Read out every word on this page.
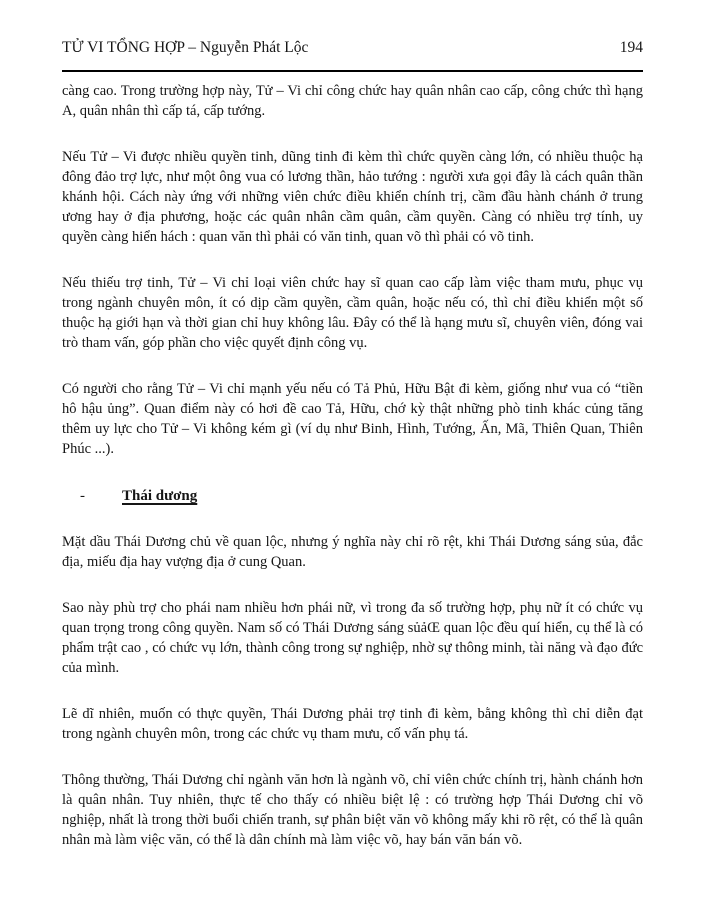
TỬ VI TỔNG HỢP – Nguyễn Phát Lộc	194

càng cao. Trong trường hợp này, Tử – Vi chỉ công chức hay quân nhân cao cấp, công chức thì hạng A, quân nhân thì cấp tá, cấp tướng.

Nếu Tử – Vi được nhiều quyền tinh, dũng tinh đi kèm thì chức quyền càng lớn, có nhiều thuộc hạ đông đảo trợ lực, như một ông vua có lương thần, hảo tướng : người xưa gọi đây là cách quân thần khánh hội. Cách này ứng với những viên chức điều khiển chính trị, cầm đầu hành chánh ở trung ương hay ở địa phương, hoặc các quân nhân cầm quân, cầm quyền. Càng có nhiều trợ tính, uy quyền càng hiển hách : quan văn thì phải có văn tinh, quan võ thì phải có võ tinh.

Nếu thiếu trợ tinh, Tử – Vi chỉ loại viên chức hay sĩ quan cao cấp làm việc tham mưu, phục vụ trong ngành chuyên môn, ít có dịp cầm quyền, cầm quân, hoặc nếu có, thì chỉ điều khiển một số thuộc hạ giới hạn và thời gian chỉ huy không lâu. Đây có thể là hạng mưu sĩ, chuyên viên, đóng vai trò tham vấn, góp phần cho việc quyết định công vụ.

Có người cho rằng Tử – Vi chỉ mạnh yếu nếu có Tả Phủ, Hữu Bật đi kèm, giống như vua có “tiền hô hậu ủng”. Quan điểm này có hơi đề cao Tả, Hữu, chớ kỳ thật những phò tinh khác củng tăng thêm uy lực cho Tử – Vi không kém gì (ví dụ như Binh, Hình, Tướng, Ấn, Mã, Thiên Quan, Thiên Phúc ...).

-	Thái dương

Mặt dầu Thái Dương chủ về quan lộc, nhưng ý nghĩa này chỉ rõ rệt, khi Thái Dương sáng sủa, đắc địa, miếu địa hay vượng địa ở cung Quan.

Sao này phù trợ cho phái nam nhiều hơn phái nữ, vì trong đa số trường hợp, phụ nữ ít có chức vụ quan trọng trong công quyền. Nam số có Thái Dương sáng sủảŒ quan lộc đều quí hiển, cụ thể là có phẩm trật cao , có chức vụ lớn, thành công trong sự nghiệp, nhờ sự thông minh, tài năng và đạo đức của mình.

Lẽ dĩ nhiên, muốn có thực quyền, Thái Dương phải trợ tinh đi kèm, bằng không thì chỉ diễn đạt trong ngành chuyên môn, trong các chức vụ tham mưu, cố vấn phụ tá.

Thông thường, Thái Dương chỉ ngành văn hơn là ngành võ, chỉ viên chức chính trị, hành chánh hơn là quân nhân. Tuy nhiên, thực tế cho thấy có nhiều biệt lệ : có trường hợp Thái Dương chỉ võ nghiệp, nhất là trong thời buổi chiến tranh, sự phân biệt văn võ không mấy khi rõ rệt, có thể là quân nhân mà làm việc văn, có thể là dân chính mà làm việc võ, hay bán văn bán võ.
